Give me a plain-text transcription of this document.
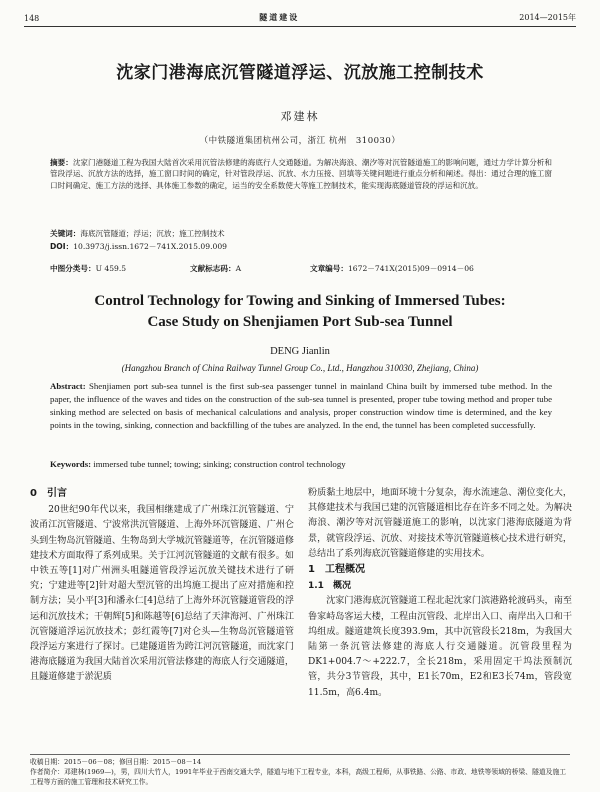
148	隧道建设	2014—2015年
沈家门港海底沉管隧道浮运、沉放施工控制技术
邓建林
（中铁隧道集团杭州公司，浙江 杭州　310030）
摘要：沈家门港隧道工程为我国大陆首次采用沉管法修建的海底行人交通隧道。为解决海浪、潮汐等对沉管隧道施工的影响问题，通过力学计算分析和管段浮运、沉放方法的选择，施工窗口时间的确定，针对管段浮运、沉放、水力压接、回填等关键问题进行重点分析和阐述。得出：通过合理的施工窗口时间确定、施工方法的选择、具体施工参数的确定，运当的安全系数使大等施工控制技术，能实现海底隧道管段的浮运和沉放。
关键词：海底沉管隧道；浮运；沉放；施工控制技术
DOI：10.3973/j.issn.1672－741X.2015.09.009
中图分类号：U 459.5	文献标志码：A	文章编号：1672－741X(2015)09－0914－06
Control Technology for Towing and Sinking of Immersed Tubes:
Case Study on Shenjiamen Port Sub-sea Tunnel
DENG Jianlin
(Hangzhou Branch of China Railway Tunnel Group Co., Ltd., Hangzhou 310030, Zhejiang, China)
Abstract: Shenjiamen port sub-sea tunnel is the first sub-sea passenger tunnel in mainland China built by immersed tube method. In the paper, the influence of the waves and tides on the construction of the sub-sea tunnel is presented, proper tube towing method and proper tube sinking method are selected on basis of mechanical calculations and analysis, proper construction window time is determined, and the key points in the towing, sinking, connection and backfilling of the tubes are analyzed. In the end, the tunnel has been completed successfully.
Keywords: immersed tube tunnel; towing; sinking; construction control technology
0　引言

20世纪90年代以来，我国相继建成了广州珠江沉管隧道、宁波甬江沉管隧道、宁波常洪沉管隧道、上海外环沉管隧道、广州仑头到生物岛沉管隧道、生物岛到大学城沉管隧道等，在沉管隧道修建技术方面取得了系列成果。关于江河沉管隧道的文献有很多。如中铁五等[1]对广州洲头咀隧道管段浮运沉放关键技术进行了研究；宁建进等[2]针对超大型沉管的出坞施工提出了应对措施和控制方法；吴小平[3]和潘永仁[4]总结了上海外环沉管隧道管段的浮运和沉放技术；干朝辉[5]和陈越等[6]总结了天津海河、广州珠江沉管隧道浮运沉放技术；彭红霞等[7]对仑头—生物岛沉管隧道管段浮运方案进行了探讨。已建隧道皆为跨江河沉管隧道，而沈家门港海底隧道为我国大陆首次采用沉管法修建的海底人行交通隧道，且隧道修建于淤泥质

粉质黏土地层中，地面环境十分复杂，海水流速急、潮位变化大，其修建技术与我国已建的沉管隧道相比存在许多不同之处。为解决海浪、潮汐等对沉管隧道施工的影响，以沈家门港海底隧道为背景，就管段浮运、沉放、对接技术等沉管隧道核心技术进行研究，总结出了系列海底沉管隧道修建的实用技术。

1　工程概况
1.1　概况

沈家门港海底沉管隧道工程北起沈家门滨港路轮渡码头，南至鲁家峙岛客运大楼，工程由沉管段、北岸出入口、南岸出入口和干坞组成。隧道建筑长度393.9m，其中沉管段长218m，为我国大陆第一条沉管法修建的海底人行交通隧道。沉管段里程为DK1+004.7～+222.7，全长218m，采用固定干坞法预制沉管，共分3节管段，其中，E1长70m，E2和E3长74m，管段宽11.5m，高6.4m。

收稿日期：2015－06－08；修回日期：2015－08－14
作者简介：邓建林(1969—)，男，四川大竹人，1991年毕业于西南交通大学，隧道与地下工程专业，本科，高级工程师，从事铁路、公路、市政、地铁等领域的桥梁、隧道及施工工程等方面的施工管理和技术研究工作。
